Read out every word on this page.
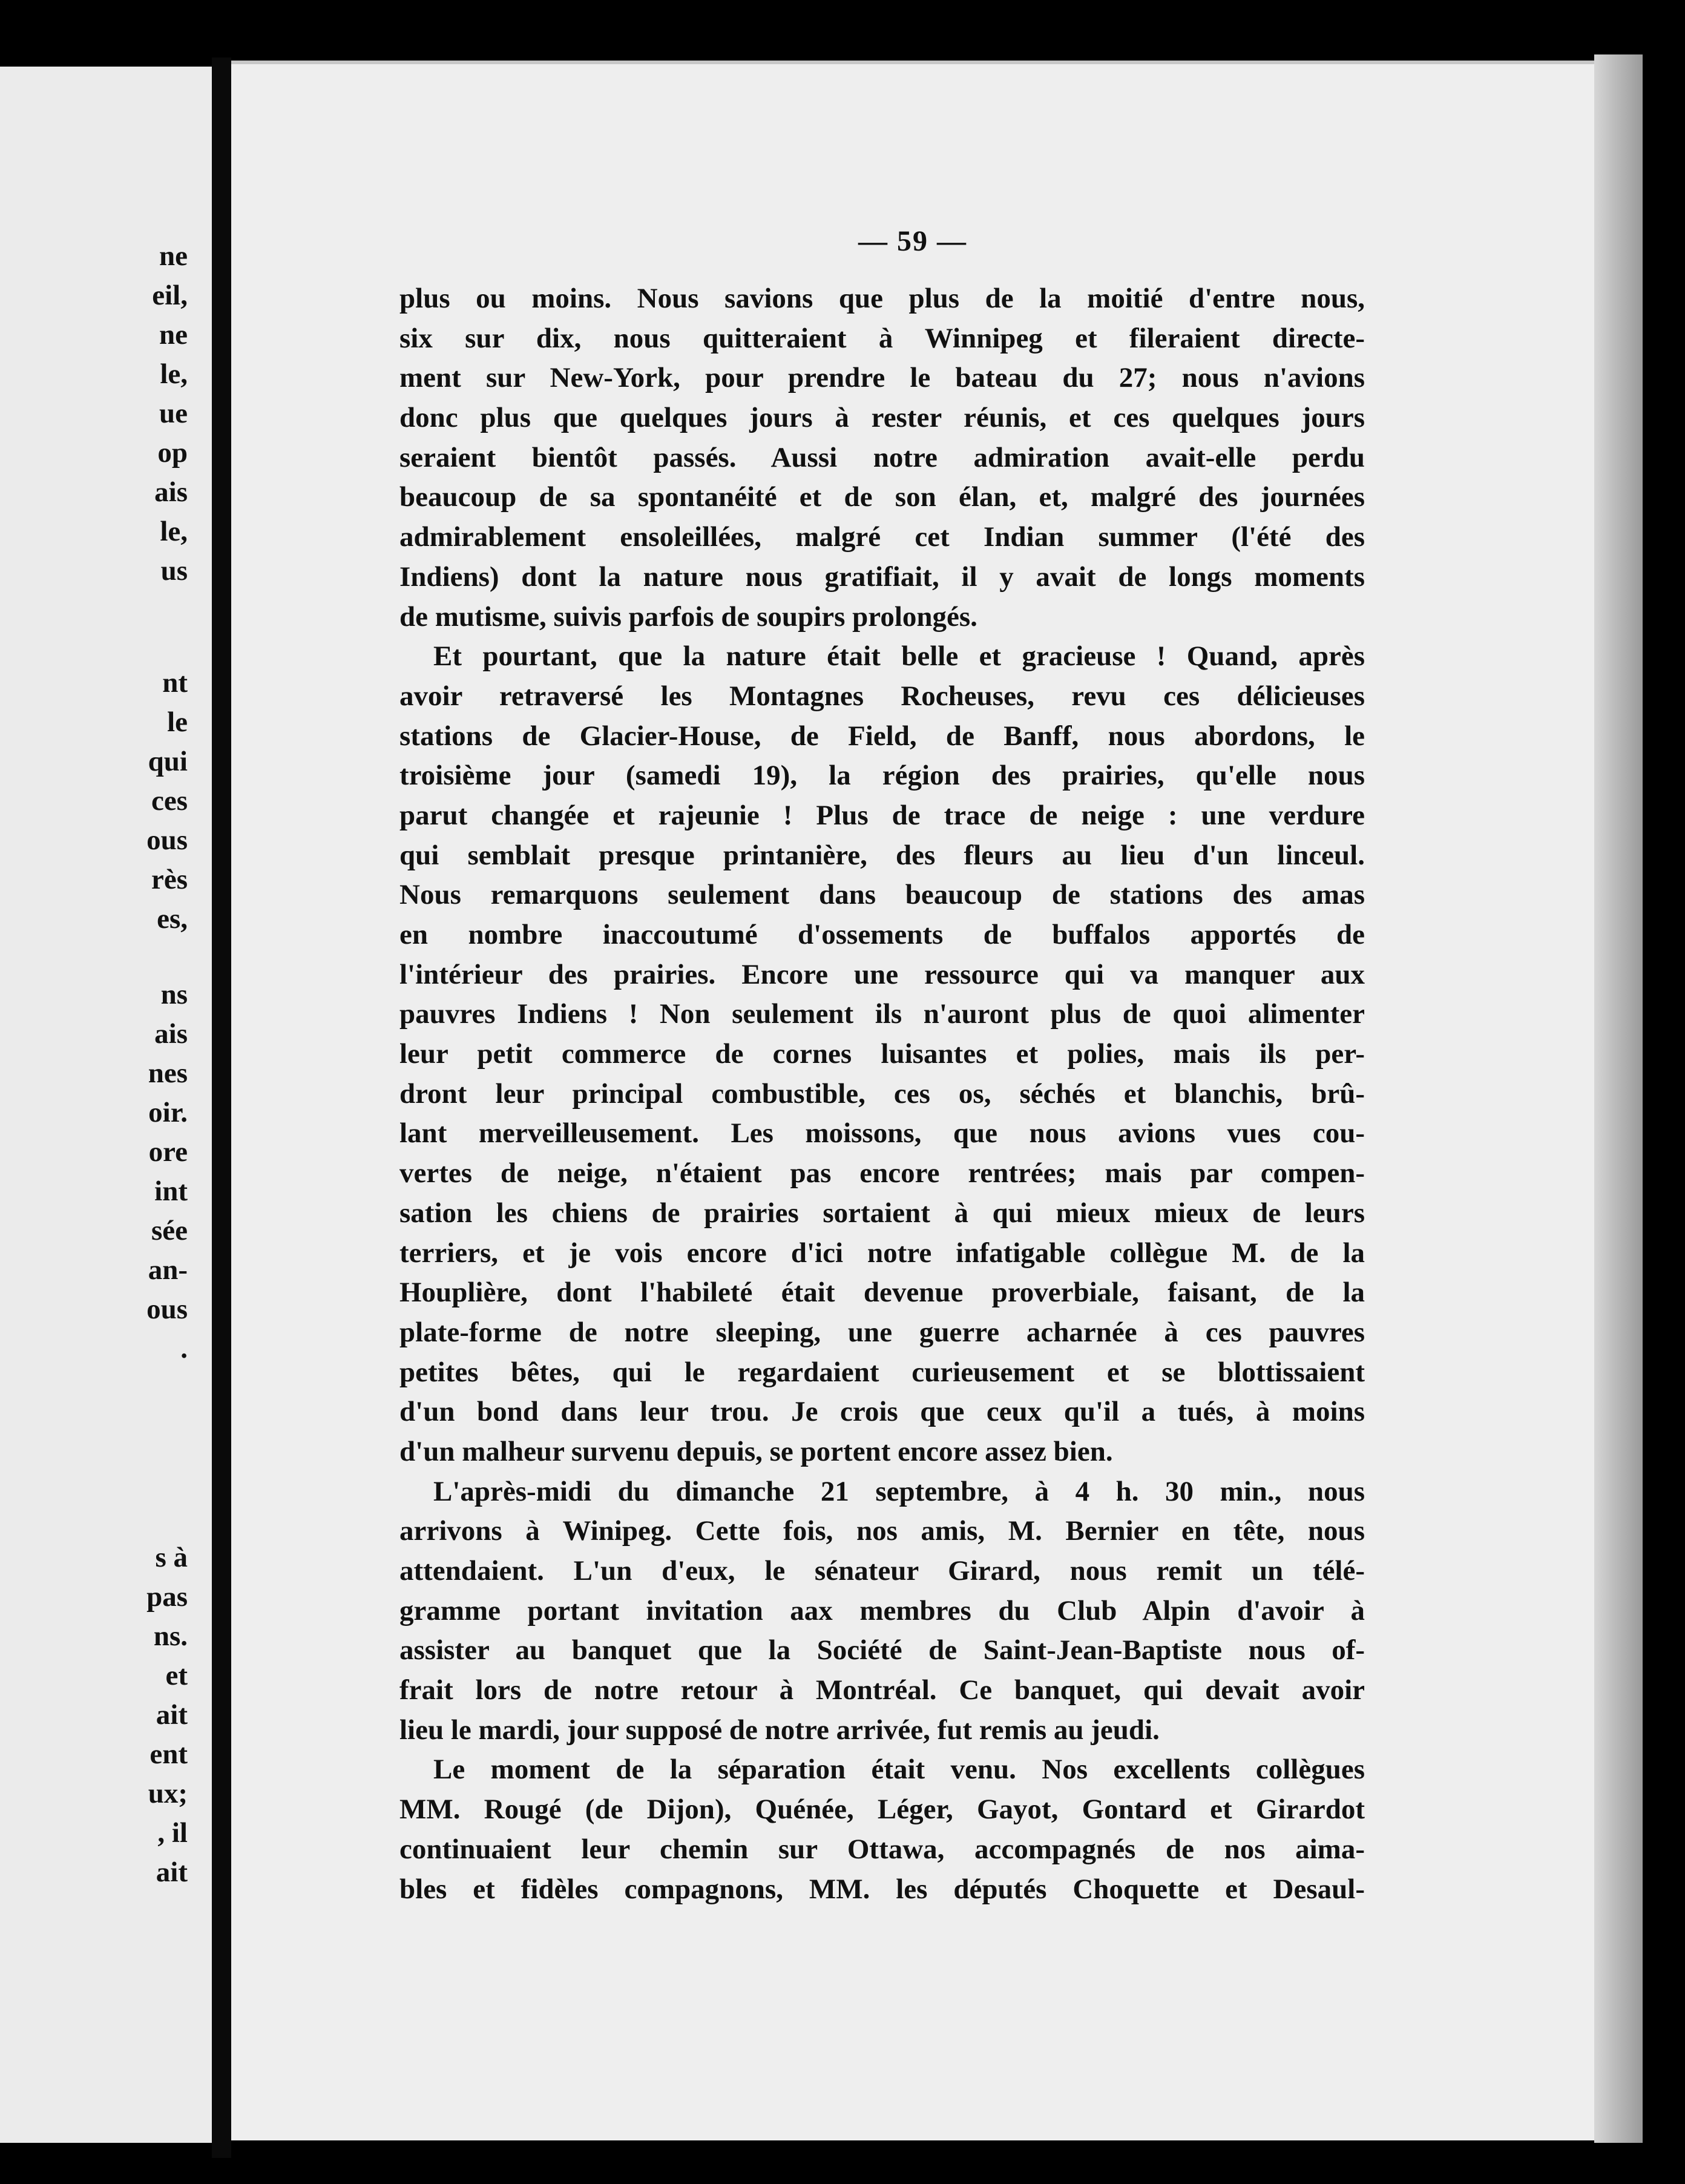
ne
eil,
ne
le,
ue
op
ais
le,
us
nt
le
qui
ces
ous
rès
es,
ns
ais
nes
oir.
ore
int
sée
an-
ous
.
s à
pas
ns.
et
ait
ent
ux;
, il
ait
— 59 —
plus ou moins. Nous savions que plus de la moitié d'entre nous,
six sur dix, nous quitteraient à Winnipeg et fileraient directe-
ment sur New-York, pour prendre le bateau du 27; nous n'avions
donc plus que quelques jours à rester réunis, et ces quelques jours
seraient bientôt passés. Aussi notre admiration avait-elle perdu
beaucoup de sa spontanéité et de son élan, et, malgré des journées
admirablement ensoleillées, malgré cet Indian summer (l'été des
Indiens) dont la nature nous gratifiait, il y avait de longs moments
de mutisme, suivis parfois de soupirs prolongés.
Et pourtant, que la nature était belle et gracieuse ! Quand, après
avoir retraversé les Montagnes Rocheuses, revu ces délicieuses
stations de Glacier-House, de Field, de Banff, nous abordons, le
troisième jour (samedi 19), la région des prairies, qu'elle nous
parut changée et rajeunie ! Plus de trace de neige : une verdure
qui semblait presque printanière, des fleurs au lieu d'un linceul.
Nous remarquons seulement dans beaucoup de stations des amas
en nombre inaccoutumé d'ossements de buffalos apportés de
l'intérieur des prairies. Encore une ressource qui va manquer aux
pauvres Indiens ! Non seulement ils n'auront plus de quoi alimenter
leur petit commerce de cornes luisantes et polies, mais ils per-
dront leur principal combustible, ces os, séchés et blanchis, brû-
lant merveilleusement. Les moissons, que nous avions vues cou-
vertes de neige, n'étaient pas encore rentrées; mais par compen-
sation les chiens de prairies sortaient à qui mieux mieux de leurs
terriers, et je vois encore d'ici notre infatigable collègue M. de la
Houplière, dont l'habileté était devenue proverbiale, faisant, de la
plate-forme de notre sleeping, une guerre acharnée à ces pauvres
petites bêtes, qui le regardaient curieusement et se blottissaient
d'un bond dans leur trou. Je crois que ceux qu'il a tués, à moins
d'un malheur survenu depuis, se portent encore assez bien.
L'après-midi du dimanche 21 septembre, à 4 h. 30 min., nous
arrivons à Winipeg. Cette fois, nos amis, M. Bernier en tête, nous
attendaient. L'un d'eux, le sénateur Girard, nous remit un télé-
gramme portant invitation aax membres du Club Alpin d'avoir à
assister au banquet que la Société de Saint-Jean-Baptiste nous of-
frait lors de notre retour à Montréal. Ce banquet, qui devait avoir
lieu le mardi, jour supposé de notre arrivée, fut remis au jeudi.
Le moment de la séparation était venu. Nos excellents collègues
MM. Rougé (de Dijon), Quénée, Léger, Gayot, Gontard et Girardot
continuaient leur chemin sur Ottawa, accompagnés de nos aima-
bles et fidèles compagnons, MM. les députés Choquette et Desaul-
